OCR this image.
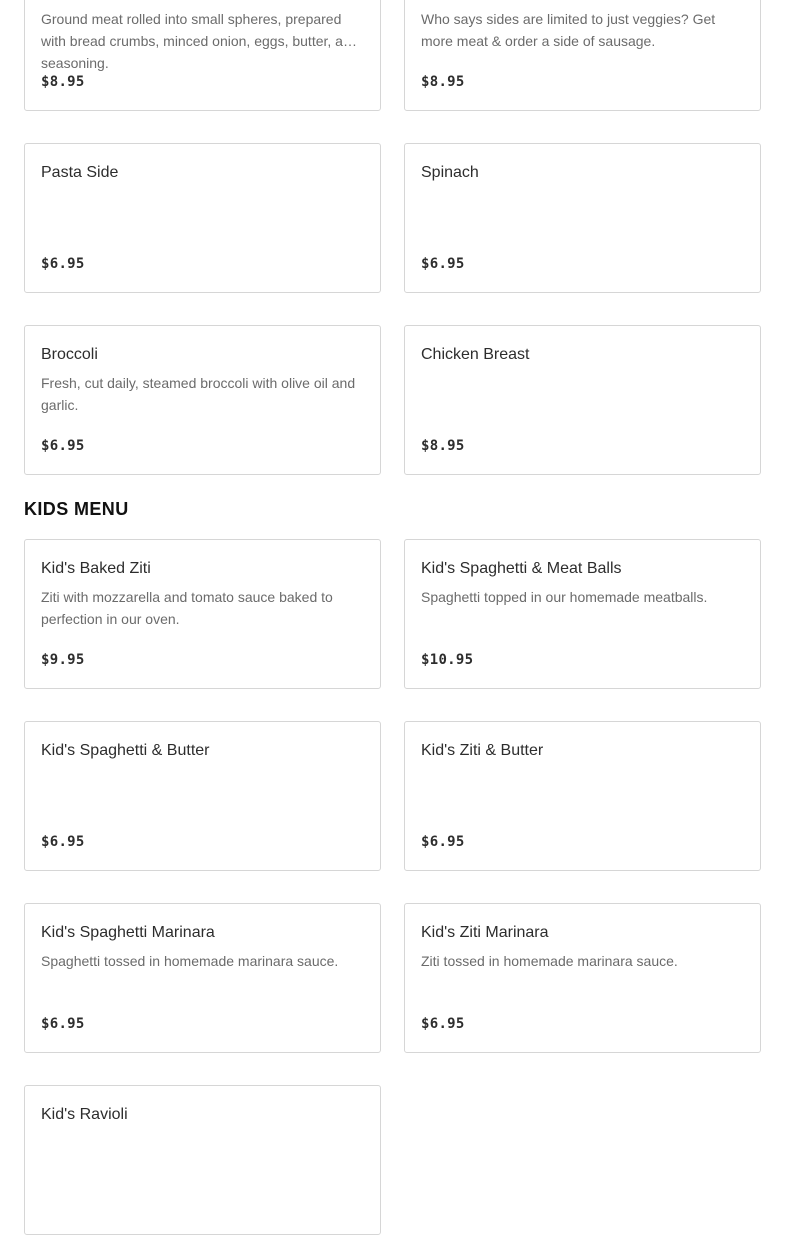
Ground meat rolled into small spheres, prepared with bread crumbs, minced onion, eggs, butter, and seasoning.
$8.95
Who says sides are limited to just veggies? Get more meat & order a side of sausage.
$8.95
Pasta Side
$6.95
Spinach
$6.95
Broccoli
Fresh, cut daily, steamed broccoli with olive oil and garlic.
$6.95
Chicken Breast
$8.95
KIDS MENU
Kid's Baked Ziti
Ziti with mozzarella and tomato sauce baked to perfection in our oven.
$9.95
Kid's Spaghetti & Meat Balls
Spaghetti topped in our homemade meatballs.
$10.95
Kid's Spaghetti & Butter
$6.95
Kid's Ziti & Butter
$6.95
Kid's Spaghetti Marinara
Spaghetti tossed in homemade marinara sauce.
$6.95
Kid's Ziti Marinara
Ziti tossed in homemade marinara sauce.
$6.95
Kid's Ravioli
